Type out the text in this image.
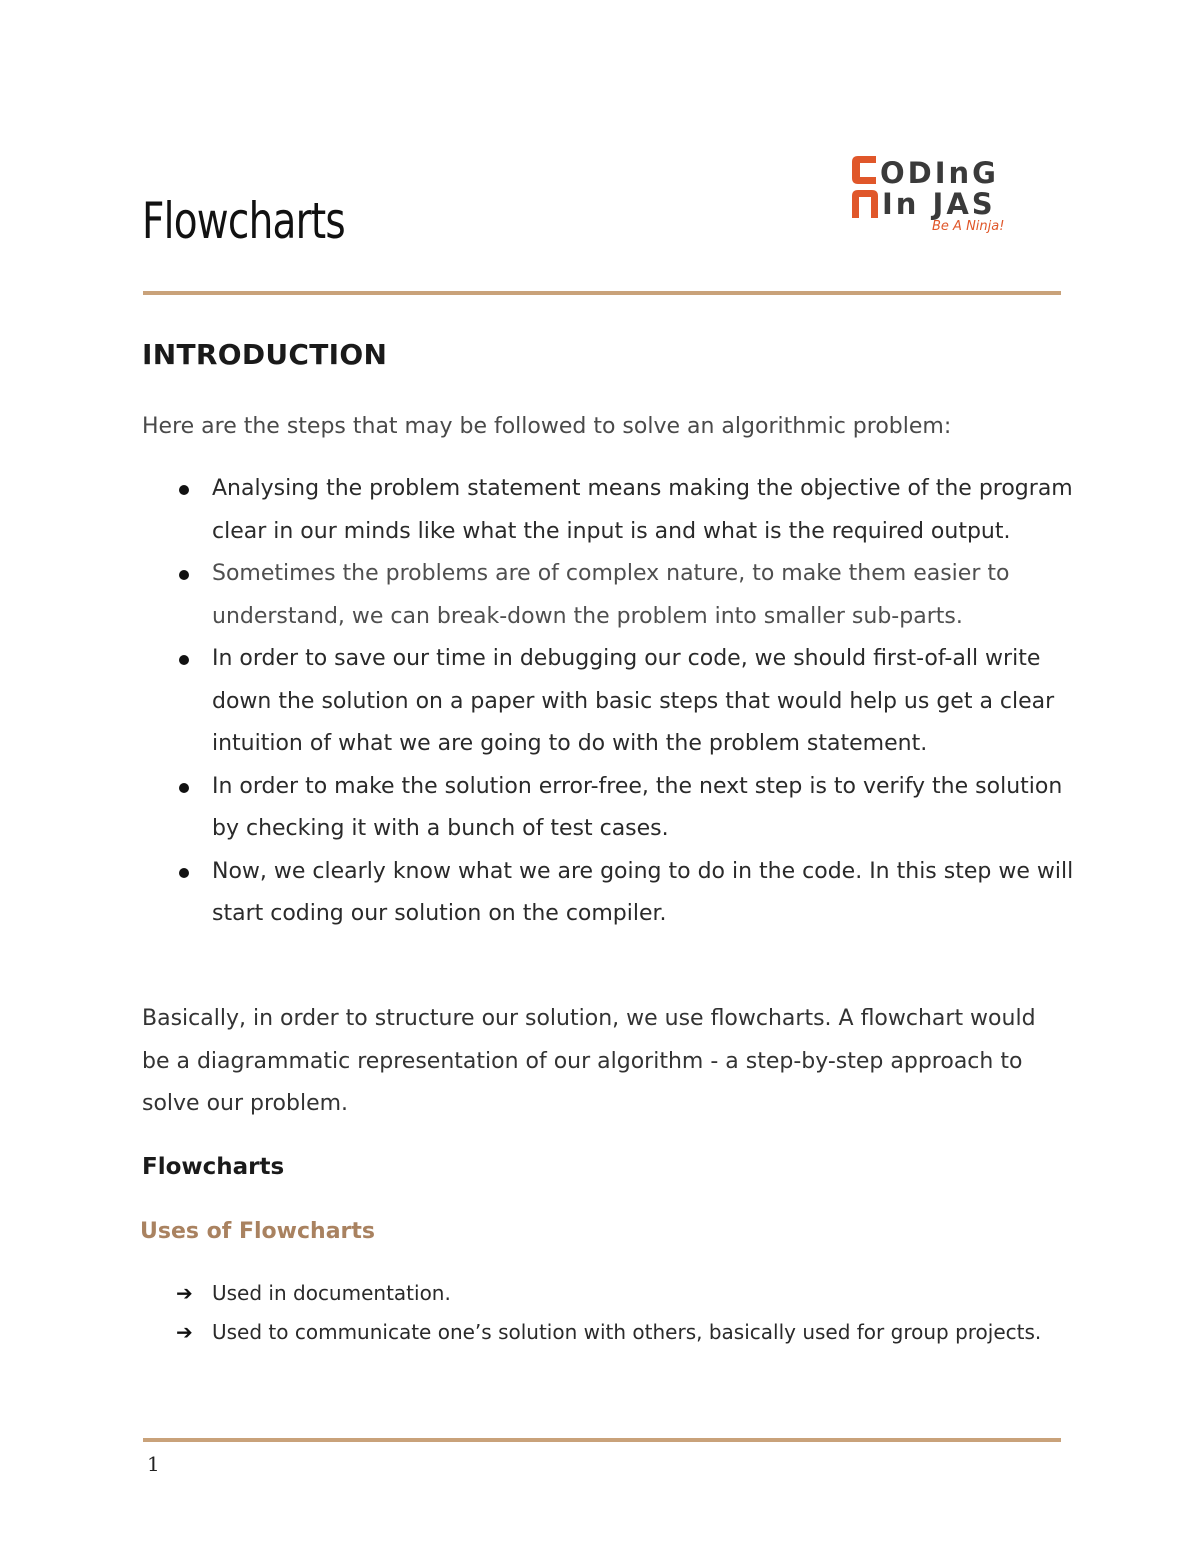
Flowcharts
ODInG
In JAS
Be A Ninja!
INTRODUCTION

Here are the steps that may be followed to solve an algorithmic problem:

Analysing the problem statement means making the objective of the program clear in our minds like what the input is and what is the required output.
Sometimes the problems are of complex nature, to make them easier to understand, we can break-down the problem into smaller sub-parts.
In order to save our time in debugging our code, we should first-of-all write down the solution on a paper with basic steps that would help us get a clear intuition of what we are going to do with the problem statement.
In order to make the solution error-free, the next step is to verify the solution by checking it with a bunch of test cases.
Now, we clearly know what we are going to do in the code. In this step we will start coding our solution on the compiler.

Basically, in order to structure our solution, we use flowcharts. A flowchart would be a diagrammatic representation of our algorithm - a step-by-step approach to solve our problem.

Flowcharts
Uses of Flowcharts
➔ Used in documentation.
➔ Used to communicate one’s solution with others, basically used for group projects.

1
